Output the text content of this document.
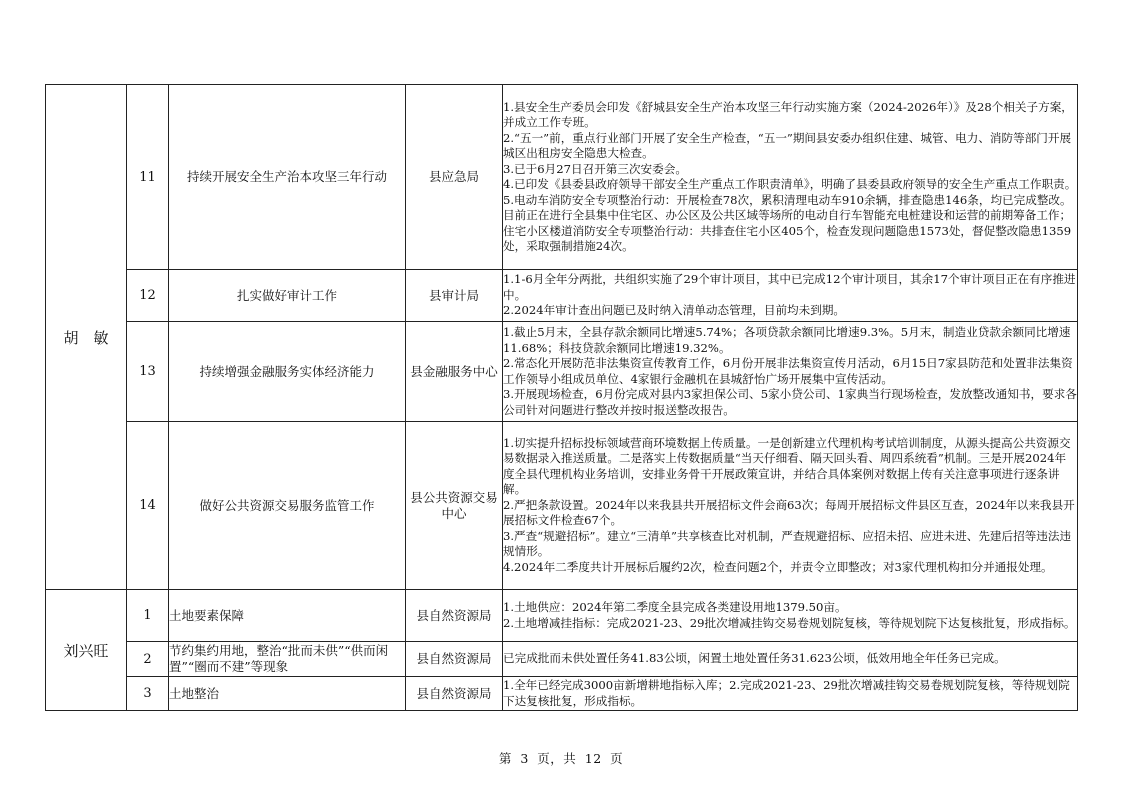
胡　敏	11	持续开展安全生产治本攻坚三年行动	县应急局	1.县安全生产委员会印发《舒城县安全生产治本攻坚三年行动实施方案（2024-2026年）》及28个相关子方案，并成立工作专班。
2.“五一”前，重点行业部门开展了安全生产检查，“五一”期间县安委办组织住建、城管、电力、消防等部门开展城区出租房安全隐患大检查。
3.已于6月27日召开第三次安委会。
4.已印发《县委县政府领导干部安全生产重点工作职责清单》，明确了县委县政府领导的安全生产重点工作职责。
5.电动车消防安全专项整治行动：开展检查78次，累积清理电动车910余辆，排查隐患146条，均已完成整改。目前正在进行全县集中住宅区、办公区及公共区域等场所的电动自行车智能充电桩建设和运营的前期筹备工作；住宅小区楼道消防安全专项整治行动：共排查住宅小区405个，检查发现问题隐患1573处，督促整改隐患1359处，采取强制措施24次。

	12	扎实做好审计工作	县审计局	1.1-6月全年分两批，共组织实施了29个审计项目，其中已完成12个审计项目，其余17个审计项目正在有序推进中。
2.2024年审计查出问题已及时纳入清单动态管理，目前均未到期。

	13	持续增强金融服务实体经济能力	县金融服务中心	1.截止5月末，全县存款余额同比增速5.74%；各项贷款余额同比增速9.3%。5月末，制造业贷款余额同比增速11.68%；科技贷款余额同比增速19.32%。
2.常态化开展防范非法集资宣传教育工作，6月份开展非法集资宣传月活动，6月15日7家县防范和处置非法集资工作领导小组成员单位、4家银行金融机在县城舒怡广场开展集中宣传活动。
3.开展现场检查，6月份完成对县内3家担保公司、5家小贷公司、1家典当行现场检查，发放整改通知书，要求各公司针对问题进行整改并按时报送整改报告。

	14	做好公共资源交易服务监管工作	县公共资源交易中心	1.切实提升招标投标领域营商环境数据上传质量。一是创新建立代理机构考试培训制度，从源头提高公共资源交易数据录入推送质量。二是落实上传数据质量“当天仔细看、隔天回头看、周四系统看”机制。三是开展2024年度全县代理机构业务培训，安排业务骨干开展政策宣讲，并结合具体案例对数据上传有关注意事项进行逐条讲解。
2.严把条款设置。2024年以来我县共开展招标文件会商63次；每周开展招标文件县区互查，2024年以来我县开展招标文件检查67个。
3.严查“规避招标”。建立“三清单”共享核查比对机制，严查规避招标、应招未招、应进未进、先建后招等违法违规情形。
4.2024年二季度共计开展标后履约2次，检查问题2个，并责令立即整改；对3家代理机构扣分并通报处理。

刘兴旺	1	土地要素保障	县自然资源局	1.土地供应：2024年第二季度全县完成各类建设用地1379.50亩。
2.土地增减挂指标：完成2021-23、29批次增减挂钩交易卷规划院复核，等待规划院下达复核批复，形成指标。

	2	节约集约用地，整治“批而未供”“供而闲置”“圈而不建”等现象	县自然资源局	已完成批而未供处置任务41.83公顷，闲置土地处置任务31.623公顷，低效用地全年任务已完成。

	3	土地整治	县自然资源局	1.全年已经完成3000亩新增耕地指标入库；2.完成2021-23、29批次增减挂钩交易卷规划院复核，等待规划院下达复核批复，形成指标。
第 3 页，共 12 页
